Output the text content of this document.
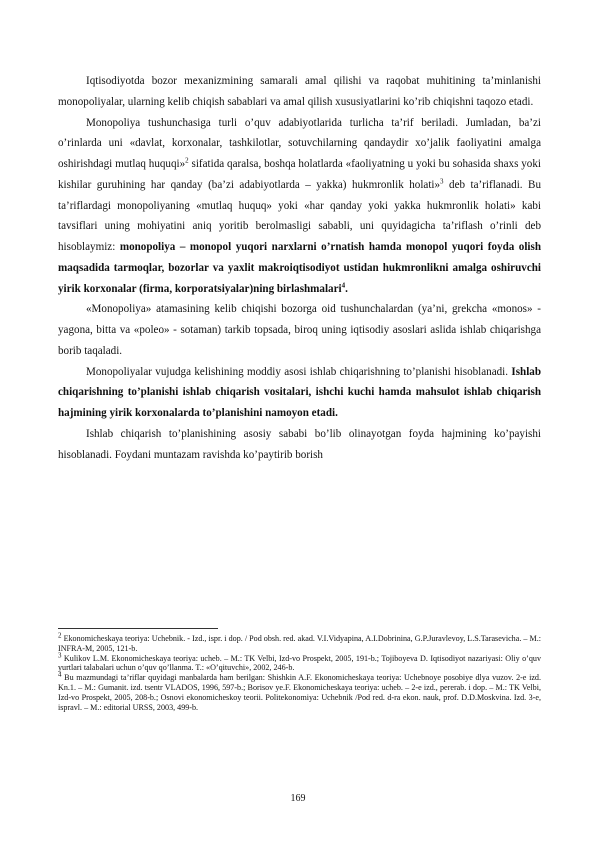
Iqtisodiyotda bozor mexanizmining samarali amal qilishi va raqobat muhitining ta’minlanishi monopoliyalar, ularning kelib chiqish sabablari va amal qilish xususiyatlarini ko’rib chiqishni taqozo etadi.

Monopoliya tushunchasiga turli o’quv adabiyotlarida turlicha ta’rif beriladi. Jumladan, ba’zi o’rinlarda uni «davlat, korxonalar, tashkilotlar, sotuvchilarning qandaydir xo’jalik faoliyatini amalga oshirishdagi mutlaq huquqi»$^2$ sifatida qaralsa, boshqa holatlarda «faoliyatning u yoki bu sohasida shaxs yoki kishilar guruhining har qanday (ba’zi adabiyotlarda – yakka) hukmronlik holati»$^3$ deb ta’riflanadi. Bu ta’riflardagi monopoliyaning «mutlaq huquq» yoki «har qanday yoki yakka hukmronlik holati» kabi tavsiflari uning mohiyatini aniq yoritib berolmasligi sababli, uni quyidagicha ta’riflash o’rinli deb hisoblaymiz: monopoliya – monopol yuqori narxlarni o’rnatish hamda monopol yuqori foyda olish maqsadida tarmoqlar, bozorlar va yaxlit makroiqtisodiyot ustidan hukmronlikni amalga oshiruvchi yirik korxonalar (firma, korporatsiyalar)ning birlashmalari$^4$.

«Monopoliya» atamasining kelib chiqishi bozorga oid tushunchalardan (ya’ni, grekcha «monos» - yagona, bitta va «poleo» - sotaman) tarkib topsada, biroq uning iqtisodiy asoslari aslida ishlab chiqarishga borib taqaladi.

Monopoliyalar vujudga kelishining moddiy asosi ishlab chiqarishning to’planishi hisoblanadi. Ishlab chiqarishning to’planishi ishlab chiqarish vositalari, ishchi kuchi hamda mahsulot ishlab chiqarish hajmining yirik korxonalarda to’planishini namoyon etadi.

Ishlab chiqarish to’planishining asosiy sababi bo’lib olinayotgan foyda hajmining ko’payishi hisoblanadi. Foydani muntazam ravishda ko’paytirib borish

$^2$ Ekonomicheskaya teoriya: Uchebnik. - Izd., ispr. i dop. / Pod obsh. red. akad. V.I.Vidyapina, A.I.Dobrinina, G.P.Juravlevoy, L.S.Tarasevicha. – M.: INFRA-M, 2005, 121-b.

$^3$ Kulikov L.M. Ekonomicheskaya teoriya: ucheb. – M.: TK Velbi, Izd-vo Prospekt, 2005, 191-b.; Tojiboyeva D. Iqtisodiyot nazariyasi: Oliy o’quv yurtlari talabalari uchun o’quv qo’llanma. T.: «O’qituvchi», 2002, 246-b.

$^4$ Bu mazmundagi ta’riflar quyidagi manbalarda ham berilgan: Shishkin A.F. Ekonomicheskaya teoriya: Uchebnoye posobiye dlya vuzov. 2-e izd. Kn.1. – M.: Gumanit. izd. tsentr VLADOS, 1996, 597-b.; Borisov ye.F. Ekonomicheskaya teoriya: ucheb. – 2-e izd., pererab. i dop. – M.: TK Velbi, Izd-vo Prospekt, 2005, 208-b.; Osnovi ekonomicheskoy teorii. Politekonomiya: Uchebnik /Pod red. d-ra ekon. nauk, prof. D.D.Moskvina. Izd. 3-e, ispravl. – M.: editorial URSS, 2003, 499-b.

169
